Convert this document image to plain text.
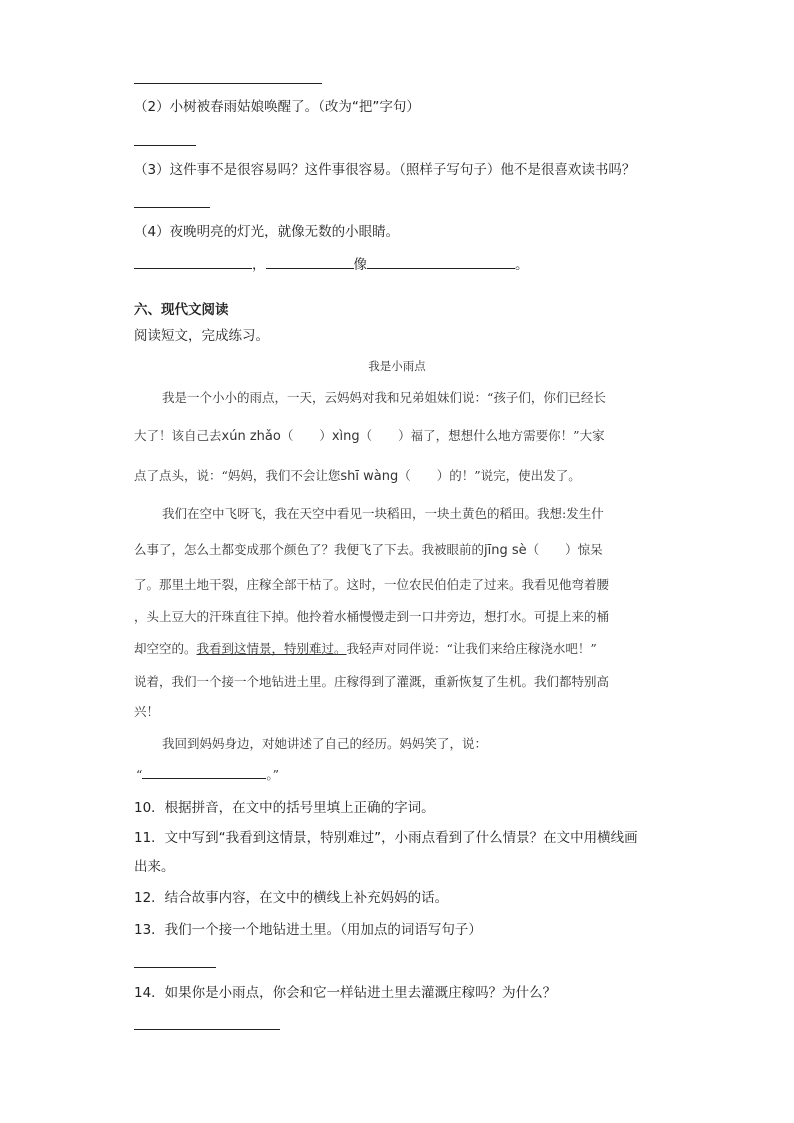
（2）小树被春雨姑娘唤醒了。（改为“把”字句）
（3）这件事不是很容易吗？这件事很容易。（照样子写句子）他不是很喜欢读书吗？
（4）夜晚明亮的灯光，就像无数的小眼睛。
，	像	。
六、现代文阅读
阅读短文，完成练习。
我是小雨点
我是一个小小的雨点，一天，云妈妈对我和兄弟姐妹们说：“孩子们，你们已经长
大了！该自己去xún zhǎo（ ）xìng（ ）福了，想想什么地方需要你！”大家
点了点头，说：“妈妈，我们不会让您shī wàng（ ）的！”说完，使出发了。
我们在空中飞呀飞，我在天空中看见一块稻田，一块土黄色的稻田。我想:发生什
么事了，怎么土都变成那个颜色了？我便飞了下去。我被眼前的jīng sè（ ）惊呆
了。那里土地干裂，庄稼全部干枯了。这时，一位农民伯伯走了过来。我看见他弯着腰
，头上豆大的汗珠直往下掉。他拎着水桶慢慢走到一口井旁边，想打水。可提上来的桶
却空空的。我看到这情景，特别难过。我轻声对同伴说：“让我们来给庄稼浇水吧！”
说着，我们一个接一个地钻进土里。庄稼得到了灌溉，重新恢复了生机。我们都特别高
兴！
我回到妈妈身边，对她讲述了自己的经历。妈妈笑了，说：
“	。”
10．根据拼音，在文中的括号里填上正确的字词。
11．文中写到“我看到这情景，特别难过”，小雨点看到了什么情景？在文中用横线画
出来。
12．结合故事内容，在文中的横线上补充妈妈的话。
13．我们一个接一个地钻进土里。（用加点的词语写句子）
14．如果你是小雨点，你会和它一样钻进土里去灌溉庄稼吗？为什么？
